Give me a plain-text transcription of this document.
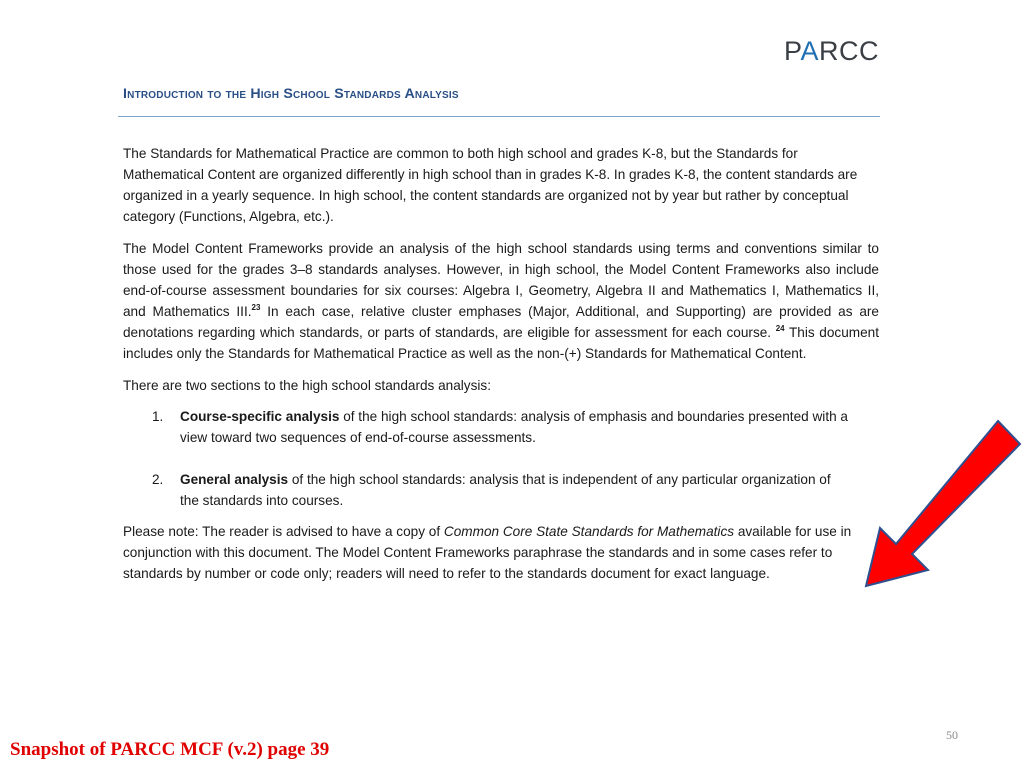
PARCC
Introduction to the High School Standards Analysis

The Standards for Mathematical Practice are common to both high school and grades K-8, but the Standards for Mathematical Content are organized differently in high school than in grades K-8. In grades K-8, the content standards are organized in a yearly sequence. In high school, the content standards are organized not by year but rather by conceptual category (Functions, Algebra, etc.).

The Model Content Frameworks provide an analysis of the high school standards using terms and conventions similar to those used for the grades 3–8 standards analyses. However, in high school, the Model Content Frameworks also include end-of-course assessment boundaries for six courses: Algebra I, Geometry, Algebra II and Mathematics I, Mathematics II, and Mathematics III.$^{23}$ In each case, relative cluster emphases (Major, Additional, and Supporting) are provided as are denotations regarding which standards, or parts of standards, are eligible for assessment for each course. $^{24}$ This document includes only the Standards for Mathematical Practice as well as the non-(+) Standards for Mathematical Content.

There are two sections to the high school standards analysis:

1. Course-specific analysis of the high school standards: analysis of emphasis and boundaries presented with a view toward two sequences of end-of-course assessments.
2. General analysis of the high school standards: analysis that is independent of any particular organization of the standards into courses.

Please note: The reader is advised to have a copy of Common Core State Standards for Mathematics available for use in conjunction with this document. The Model Content Frameworks paraphrase the standards and in some cases refer to standards by number or code only; readers will need to refer to the standards document for exact language.

50
Snapshot of PARCC MCF (v.2) page 39
